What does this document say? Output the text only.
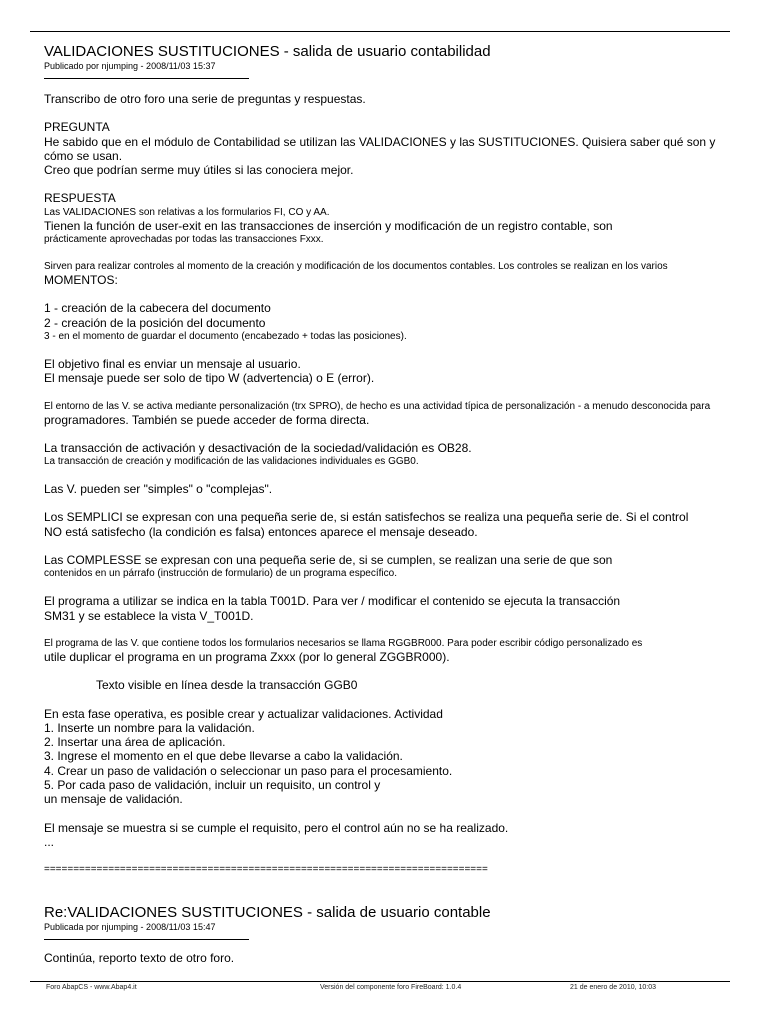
VALIDACIONES SUSTITUCIONES - salida de usuario contabilidad
Publicado por njumping - 2008/11/03 15:37
Transcribo de otro foro una serie de preguntas y respuestas.
PREGUNTA
He sabido que en el módulo de Contabilidad se utilizan las VALIDACIONES y las SUSTITUCIONES. Quisiera saber qué son y
cómo se usan.
Creo que podrían serme muy útiles si las conociera mejor.
RESPUESTA
Las VALIDACIONES son relativas a los formularios FI, CO y AA.
Tienen la función de user-exit en las transacciones de inserción y modificación de un registro contable, son
prácticamente aprovechadas por todas las transacciones Fxxx.
Sirven para realizar controles al momento de la creación y modificación de los documentos contables. Los controles se realizan en los varios
MOMENTOS:
1 - creación de la cabecera del documento
2 - creación de la posición del documento
3 - en el momento de guardar el documento (encabezado + todas las posiciones).
El objetivo final es enviar un mensaje al usuario.
El mensaje puede ser solo de tipo W (advertencia) o E (error).
El entorno de las V. se activa mediante personalización (trx SPRO), de hecho es una actividad típica de personalización - a menudo desconocida para
programadores. También se puede acceder de forma directa.
La transacción de activación y desactivación de la sociedad/validación es OB28.
La transacción de creación y modificación de las validaciones individuales es GGB0.
Las V. pueden ser "simples" o "complejas".
Los SEMPLICI se expresan con una pequeña serie de, si están satisfechos se realiza una pequeña serie de. Si el control
NO está satisfecho (la condición es falsa) entonces aparece el mensaje deseado.
Las COMPLESSE se expresan con una pequeña serie de, si se cumplen, se realizan una serie de que son
contenidos en un párrafo (instrucción de formulario) de un programa específico.
El programa a utilizar se indica en la tabla T001D. Para ver / modificar el contenido se ejecuta la transacción
SM31 y se establece la vista V_T001D.
El programa de las V. que contiene todos los formularios necesarios se llama RGGBR000. Para poder escribir código personalizado es
utile duplicar el programa en un programa Zxxx (por lo general ZGGBR000).
Texto visible en línea desde la transacción GGB0
En esta fase operativa, es posible crear y actualizar validaciones. Actividad
1. Inserte un nombre para la validación.
2. Insertar una área de aplicación.
3. Ingrese el momento en el que debe llevarse a cabo la validación.
4. Crear un paso de validación o seleccionar un paso para el procesamiento.
5. Por cada paso de validación, incluir un requisito, un control y
un mensaje de validación.
El mensaje se muestra si se cumple el requisito, pero el control aún no se ha realizado.
...
============================================================================
Re:VALIDACIONES SUSTITUCIONES - salida de usuario contable
Publicada por njumping - 2008/11/03 15:47
Continúa, reporto texto de otro foro.
Foro AbapCS - www.Abap4.it	Versión del componente foro FireBoard: 1.0.4	21 de enero de 2010, 10:03
